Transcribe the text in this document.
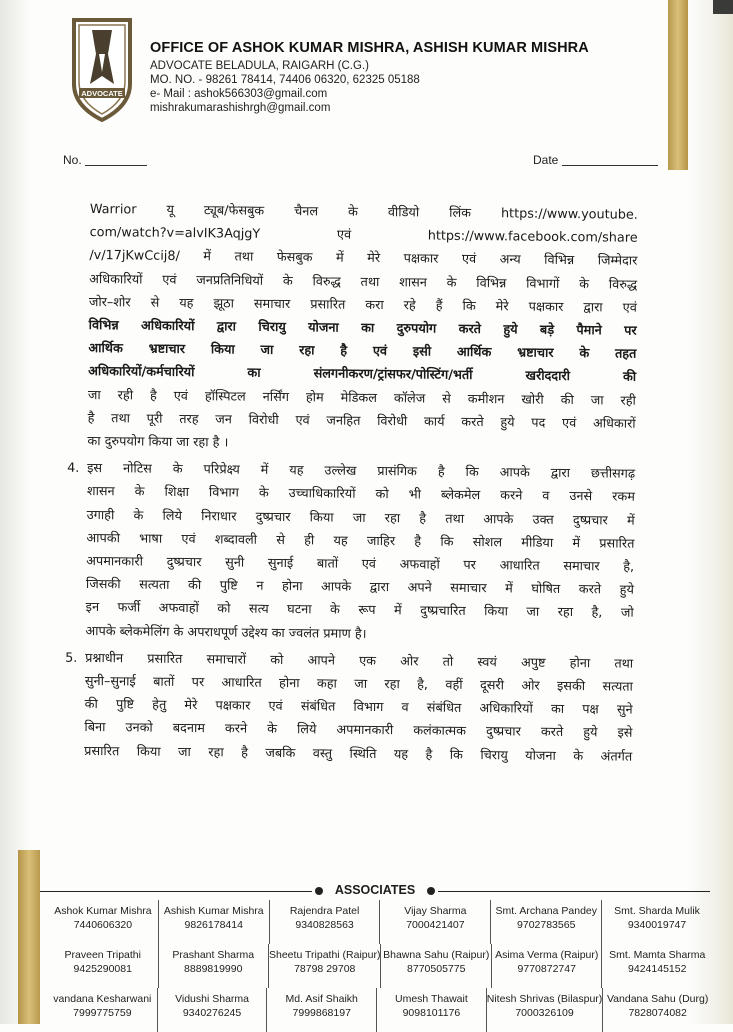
ADVOCATE
OFFICE OF ASHOK KUMAR MISHRA, ASHISH KUMAR MISHRA
ADVOCATE BELADULA, RAIGARH (C.G.)
MO. NO. - 98261 78414, 74406 06320, 62325 05188
e- Mail : ashok566303@gmail.com
mishrakumarashishrgh@gmail.com
No.	Date
Warrior यू ट्यूब/फेसबुक चैनल के वीडियो लिंक https://www.youtube.
com/watch?v=alvIK3AqjgY एवं https://www.facebook.com/share
/v/17jKwCcij8/ में तथा फेसबुक में मेरे पक्षकार एवं अन्य विभिन्न जिम्मेदार
अधिकारियों एवं जनप्रतिनिधियों के विरुद्ध तथा शासन के विभिन्न विभागों के विरुद्ध
जोर–शोर से यह झूठा समाचार प्रसारित करा रहे हैं कि मेरे पक्षकार द्वारा एवं
विभिन्न अधिकारियों द्वारा चिरायु योजना का दुरुपयोग करते हुये बड़े पैमाने पर
आर्थिक भ्रष्टाचार किया जा रहा है एवं इसी आर्थिक भ्रष्टाचार के तहत
अधिकारियों/कर्मचारियों का संलगनीकरण/ट्रांसफर/पोस्टिंग/भर्ती खरीददारी की
जा रही है एवं हॉस्पिटल नर्सिंग होम मेडिकल कॉलेज से कमीशन खोरी की जा रही
है तथा पूरी तरह जन विरोधी एवं जनहित विरोधी कार्य करते हुये पद एवं अधिकारों
का दुरुपयोग किया जा रहा है ।
4. इस नोटिस के परिप्रेक्ष्य में यह उल्लेख प्रासंगिक है कि आपके द्वारा छत्तीसगढ़
शासन के शिक्षा विभाग के उच्चाधिकारियों को भी ब्लेकमेल करने व उनसे रकम
उगाही के लिये निराधार दुष्प्रचार किया जा रहा है तथा आपके उक्त दुष्प्रचार में
आपकी भाषा एवं शब्दावली से ही यह जाहिर है कि सोशल मीडिया में प्रसारित
अपमानकारी दुष्प्रचार सुनी सुनाई बातों एवं अफवाहों पर आधारित समाचार है,
जिसकी सत्यता की पुष्टि न होना आपके द्वारा अपने समाचार में घोषित करते हुये
इन फर्जी अफवाहों को सत्य घटना के रूप में दुष्प्रचारित किया जा रहा है, जो
आपके ब्लेकमेलिंग के अपराधपूर्ण उद्देश्य का ज्वलंत प्रमाण है।
5. प्रश्नाधीन प्रसारित समाचारों को आपने एक ओर तो स्वयं अपुष्ट होना तथा
सुनी–सुनाई बातों पर आधारित होना कहा जा रहा है, वहीं दूसरी ओर इसकी सत्यता
की पुष्टि हेतु मेरे पक्षकार एवं संबंधित विभाग व संबंधित अधिकारियों का पक्ष सुने
बिना उनको बदनाम करने के लिये अपमानकारी कलंकात्मक दुष्प्रचार करते हुये इसे
प्रसारित किया जा रहा है जबकि वस्तु स्थिति यह है कि चिरायु योजना के अंतर्गत
ASSOCIATES
Ashok Kumar Mishra
7440606320
Ashish Kumar Mishra
9826178414
Rajendra Patel
9340828563
Vijay Sharma
7000421407
Smt. Archana Pandey
9702783565
Smt. Sharda Mulik
9340019747
Praveen Tripathi
9425290081
Prashant Sharma
8889819990
Sheetu Tripathi (Raipur)
78798 29708
Bhawna Sahu (Raipur)
8770505775
Asima Verma (Raipur)
9770872747
Smt. Mamta Sharma
9424145152
vandana Kesharwani
7999775759
Vidushi Sharma
9340276245
Md. Asif Shaikh
7999868197
Umesh Thawait
9098101176
Nitesh Shrivas (Bilaspur)
7000326109
Vandana Sahu (Durg)
7828074082
